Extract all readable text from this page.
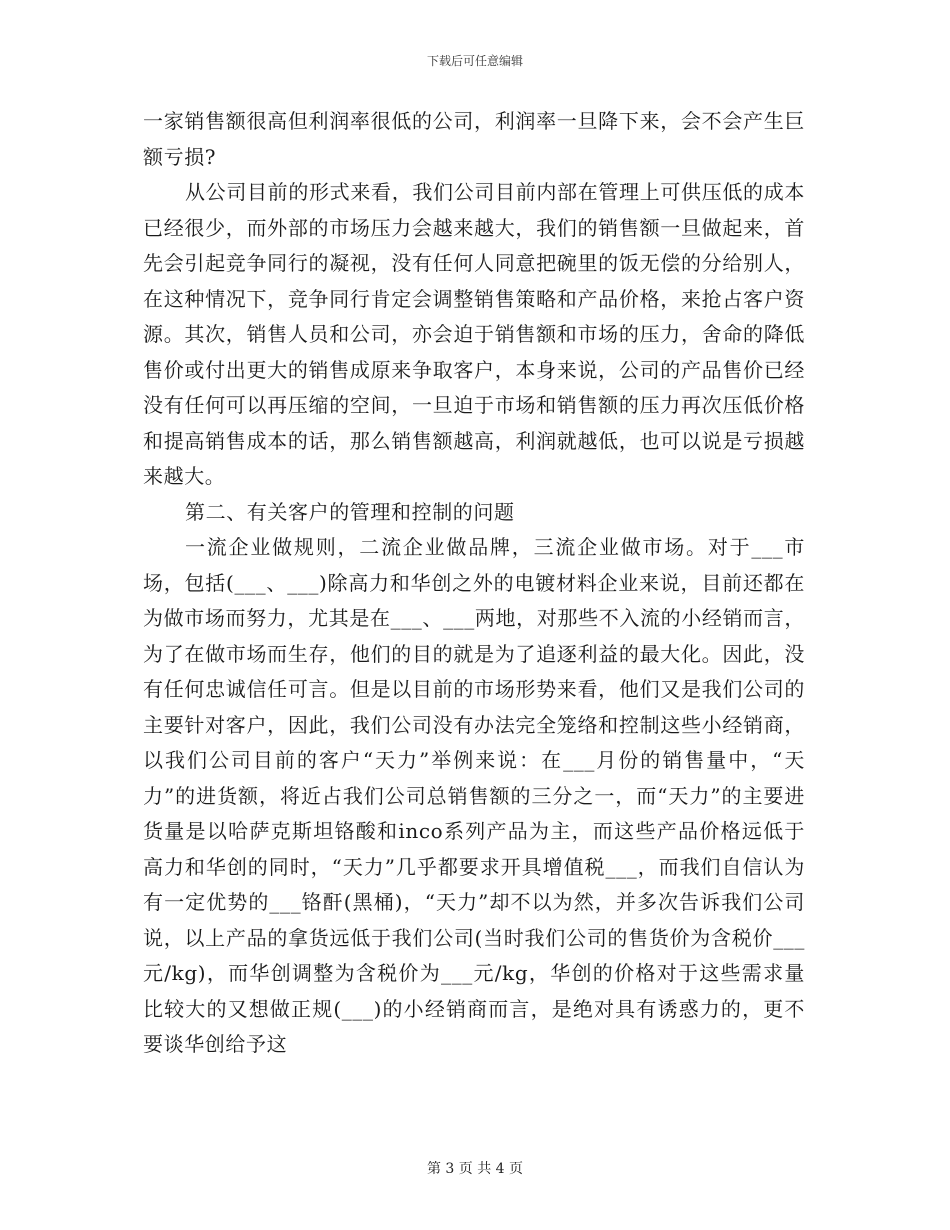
下载后可任意编辑

一家销售额很高但利润率很低的公司，利润率一旦降下来，会不会产生巨额亏损?

从公司目前的形式来看，我们公司目前内部在管理上可供压低的成本已经很少，而外部的市场压力会越来越大，我们的销售额一旦做起来，首先会引起竞争同行的凝视，没有任何人同意把碗里的饭无偿的分给别人，在这种情况下，竞争同行肯定会调整销售策略和产品价格，来抢占客户资源。其次，销售人员和公司，亦会迫于销售额和市场的压力，舍命的降低售价或付出更大的销售成原来争取客户，本身来说，公司的产品售价已经没有任何可以再压缩的空间，一旦迫于市场和销售额的压力再次压低价格和提高销售成本的话，那么销售额越高，利润就越低，也可以说是亏损越来越大。

第二、有关客户的管理和控制的问题

一流企业做规则，二流企业做品牌，三流企业做市场。对于___市场，包括(___、___)除高力和华创之外的电镀材料企业来说，目前还都在为做市场而努力，尤其是在___、___两地，对那些不入流的小经销而言，为了在做市场而生存，他们的目的就是为了追逐利益的最大化。因此，没有任何忠诚信任可言。但是以目前的市场形势来看，他们又是我们公司的主要针对客户，因此，我们公司没有办法完全笼络和控制这些小经销商，以我们公司目前的客户“天力”举例来说：在___月份的销售量中，“天力”的进货额，将近占我们公司总销售额的三分之一，而“天力”的主要进货量是以哈萨克斯坦铬酸和inco系列产品为主，而这些产品价格远低于高力和华创的同时，“天力”几乎都要求开具增值税___，而我们自信认为有一定优势的___铬酐(黑桶)，“天力”却不以为然，并多次告诉我们公司说，以上产品的拿货远低于我们公司(当时我们公司的售货价为含税价___元/kg)，而华创调整为含税价为___元/kg，华创的价格对于这些需求量比较大的又想做正规(___)的小经销商而言，是绝对具有诱惑力的，更不要谈华创给予这

第 3 页 共 4 页
